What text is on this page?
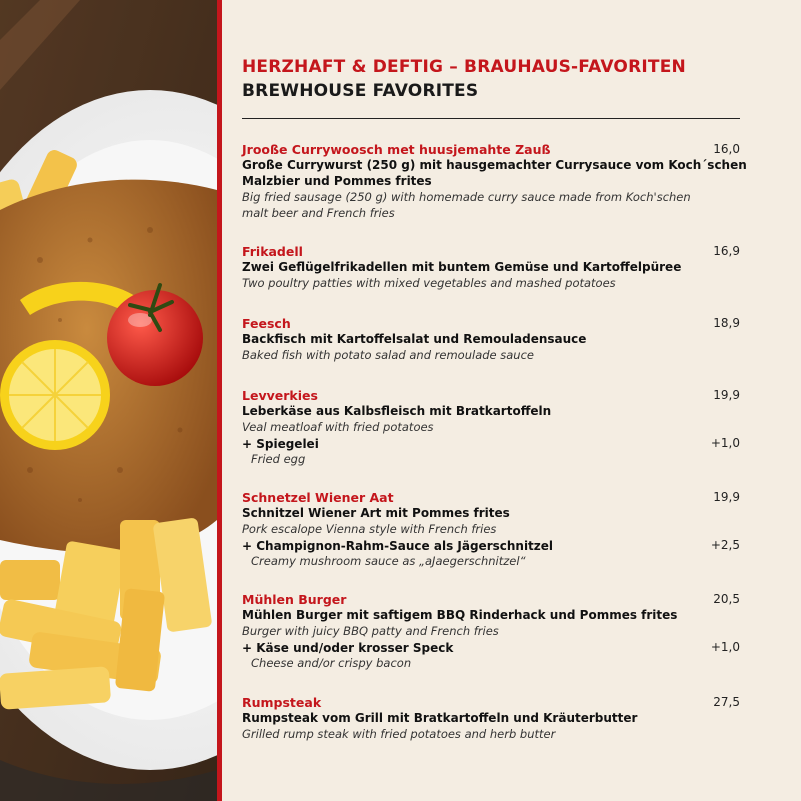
HERZHAFT & DEFTIG – BRAUHAUS-FAVORITEN
BREWHOUSE FAVORITES
Jrooße Currywoosch met huusjemahte Zauß	16,0
Große Currywurst (250 g) mit hausgemachter Currysauce vom Koch´schen
Malzbier und Pommes frites
Big fried sausage (250 g) with homemade curry sauce made from Koch'schen
malt beer and French fries
Frikadell	16,9
Zwei Geflügelfrikadellen mit buntem Gemüse und Kartoffelpüree
Two poultry patties with mixed vegetables and mashed potatoes
Feesch	18,9
Backfisch mit Kartoffelsalat und Remouladensauce
Baked fish with potato salad and remoulade sauce
Levverkies	19,9
Leberkäse aus Kalbsfleisch mit Bratkartoffeln
Veal meatloaf with fried potatoes
+ Spiegelei	+1,0
Fried egg
Schnetzel Wiener Aat	19,9
Schnitzel Wiener Art mit Pommes frites
Pork escalope Vienna style with French fries
+ Champignon-Rahm-Sauce als Jägerschnitzel	+2,5
Creamy mushroom sauce as „aJaegerschnitzel“
Mühlen Burger	20,5
Mühlen Burger mit saftigem BBQ Rinderhack und Pommes frites
Burger with juicy BBQ patty and French fries
+ Käse und/oder krosser Speck	+1,0
Cheese and/or crispy bacon
Rumpsteak	27,5
Rumpsteak vom Grill mit Bratkartoffeln und Kräuterbutter
Grilled rump steak with fried potatoes and herb butter
